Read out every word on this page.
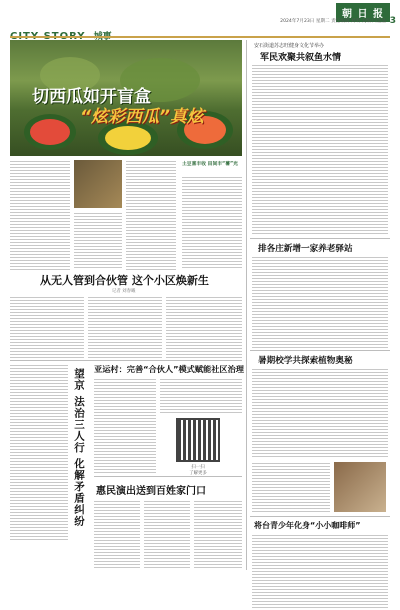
朝 日 报
2024年7月23日 星期二 责任编辑 刘明 美编 闫金晶 3
切西瓜如开盲盒
“炫彩西瓜”真炫
土豆喜丰收 田间丰“薯”光
安石街道苏志旺健身文化节举办
军民欢聚共叙鱼水情
排各庄新增一家养老驿站
暑期校学共探索植物奥秘
将台青少年化身“小小咖啡师”
从无人管到合伙管 这个小区焕新生
记者 刘春曦
望京 法治三人行 化解矛盾纠纷 亚运村：完善“合伙人”模式赋能社区治理
扫一扫
了解更多
惠民演出送到百姓家门口
